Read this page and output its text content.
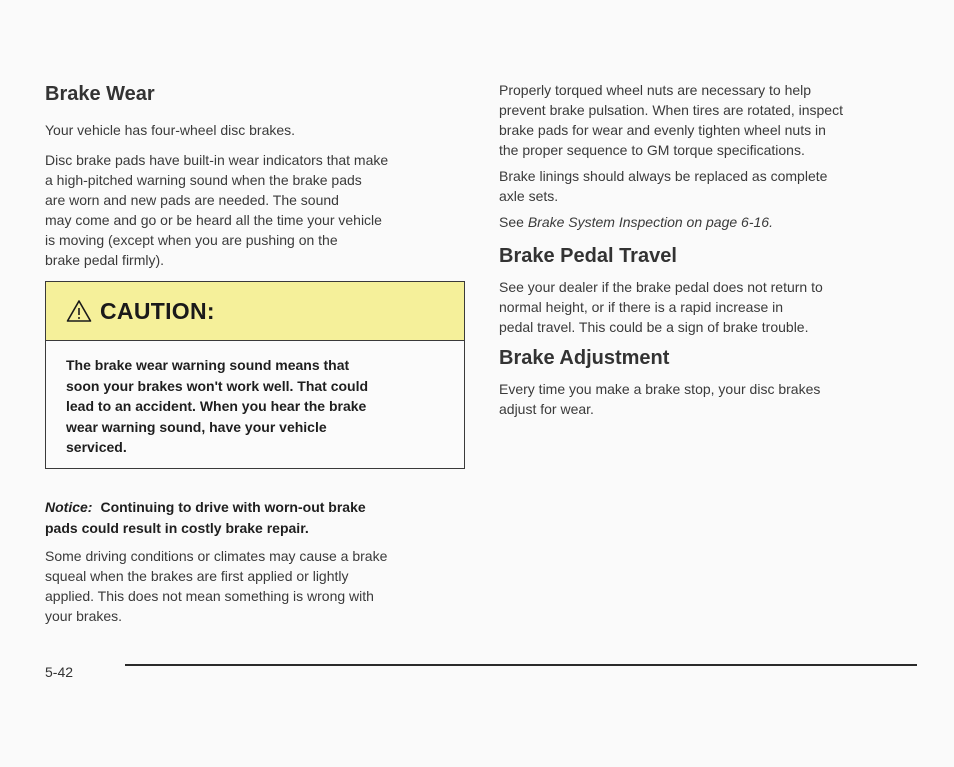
Brake Wear

Your vehicle has four-wheel disc brakes.

Disc brake pads have built-in wear indicators that make
a high-pitched warning sound when the brake pads
are worn and new pads are needed. The sound
may come and go or be heard all the time your vehicle
is moving (except when you are pushing on the
brake pedal firmly).

CAUTION:
The brake wear warning sound means that
soon your brakes won't work well. That could
lead to an accident. When you hear the brake
wear warning sound, have your vehicle
serviced.
Notice: Continuing to drive with worn-out brake
pads could result in costly brake repair.

Some driving conditions or climates may cause a brake
squeal when the brakes are first applied or lightly
applied. This does not mean something is wrong with
your brakes.

Properly torqued wheel nuts are necessary to help
prevent brake pulsation. When tires are rotated, inspect
brake pads for wear and evenly tighten wheel nuts in
the proper sequence to GM torque specifications.

Brake linings should always be replaced as complete
axle sets.

See Brake System Inspection on page 6-16.

Brake Pedal Travel

See your dealer if the brake pedal does not return to
normal height, or if there is a rapid increase in
pedal travel. This could be a sign of brake trouble.

Brake Adjustment

Every time you make a brake stop, your disc brakes
adjust for wear.

5-42
